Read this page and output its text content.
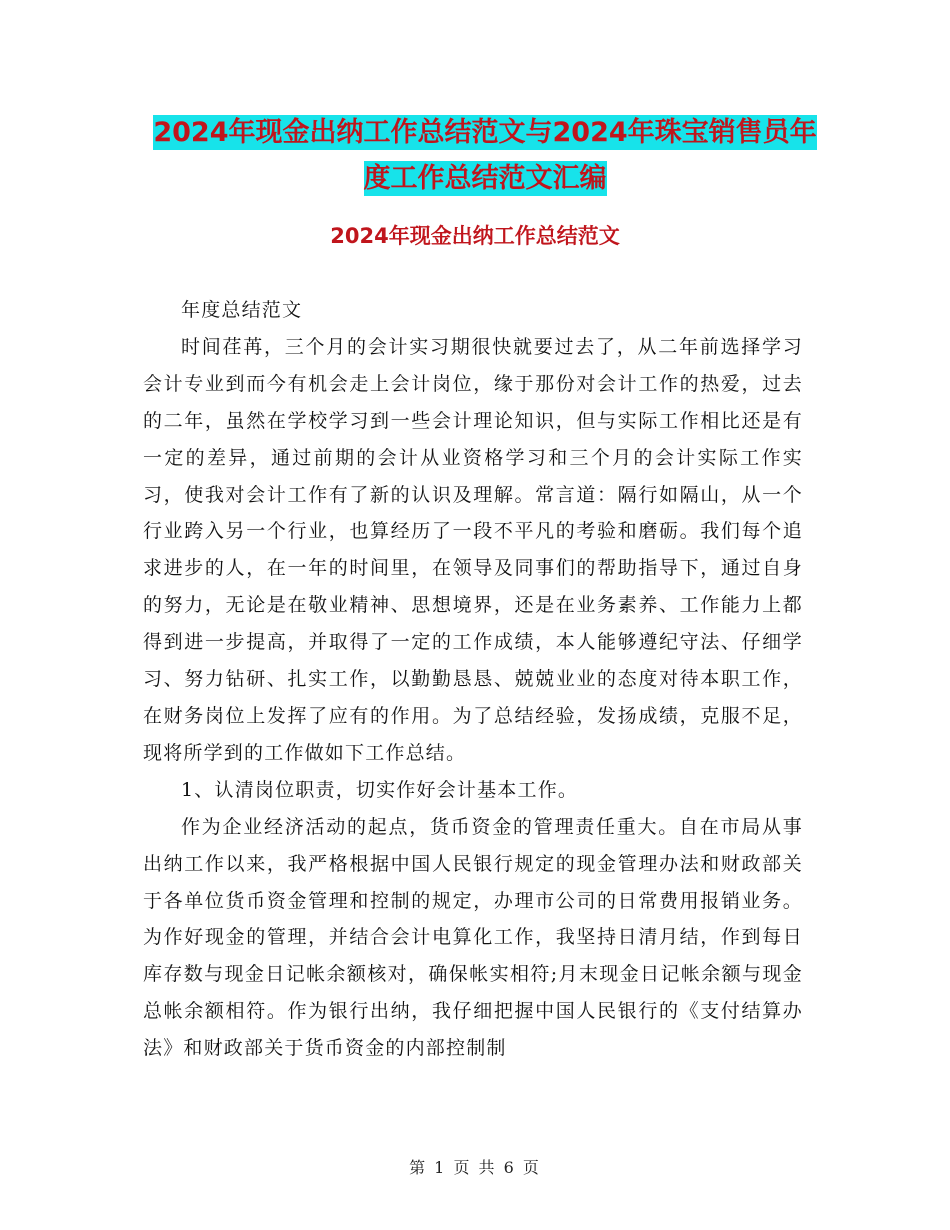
2024年现金出纳工作总结范文与2024年珠宝销售员年
度工作总结范文汇编
2024年现金出纳工作总结范文

年度总结范文

时间荏苒，三个月的会计实习期很快就要过去了，从二年前选择学习会计专业到而今有机会走上会计岗位，缘于那份对会计工作的热爱，过去的二年，虽然在学校学习到一些会计理论知识，但与实际工作相比还是有一定的差异，通过前期的会计从业资格学习和三个月的会计实际工作实习，使我对会计工作有了新的认识及理解。常言道：隔行如隔山，从一个行业跨入另一个行业，也算经历了一段不平凡的考验和磨砺。我们每个追求进步的人，在一年的时间里，在领导及同事们的帮助指导下，通过自身的努力，无论是在敬业精神、思想境界，还是在业务素养、工作能力上都得到进一步提高，并取得了一定的工作成绩，本人能够遵纪守法、仔细学习、努力钻研、扎实工作，以勤勤恳恳、兢兢业业的态度对待本职工作，在财务岗位上发挥了应有的作用。为了总结经验，发扬成绩，克服不足，现将所学到的工作做如下工作总结。

1、认清岗位职责，切实作好会计基本工作。

作为企业经济活动的起点，货币资金的管理责任重大。自在市局从事出纳工作以来，我严格根据中国人民银行规定的现金管理办法和财政部关于各单位货币资金管理和控制的规定，办理市公司的日常费用报销业务。为作好现金的管理，并结合会计电算化工作，我坚持日清月结，作到每日库存数与现金日记帐余额核对，确保帐实相符;月末现金日记帐余额与现金总帐余额相符。作为银行出纳，我仔细把握中国人民银行的《支付结算办法》和财政部关于货币资金的内部控制制

第 1 页 共 6 页
